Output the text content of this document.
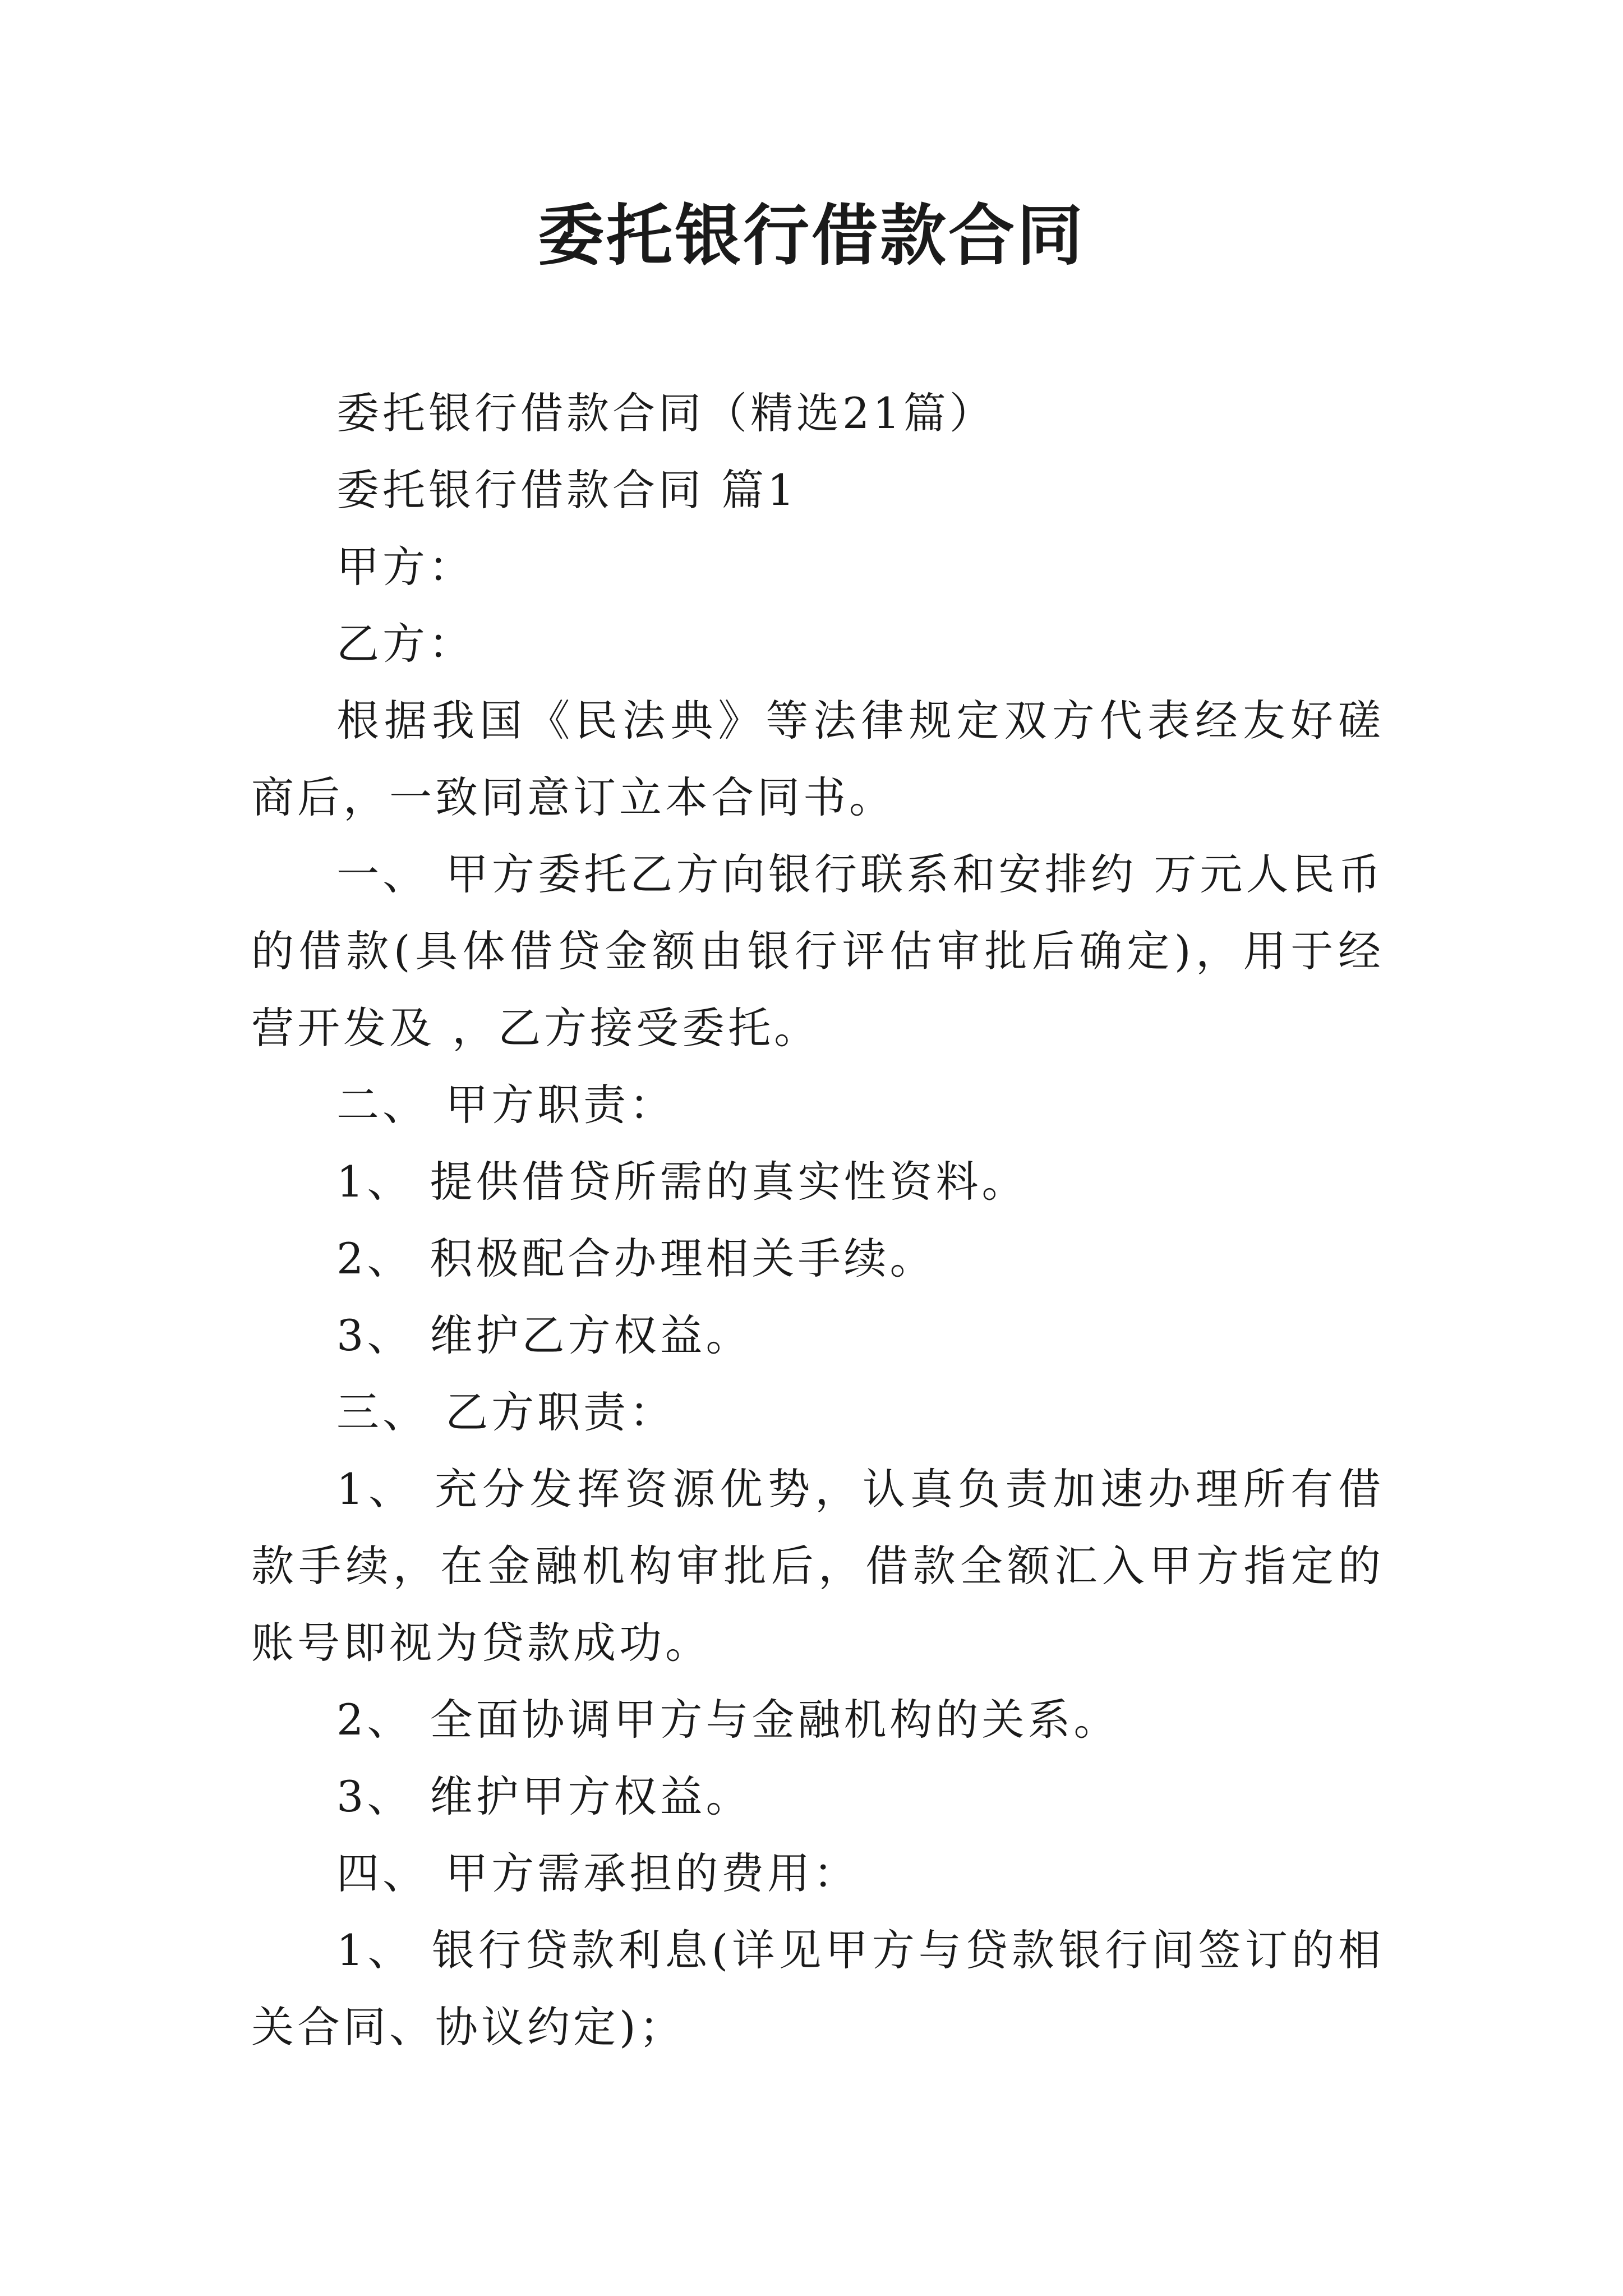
委托银行借款合同

委托银行借款合同（精选21篇）

委托银行借款合同 篇1

甲方：

乙方：

根据我国《民法典》等法律规定双方代表经友好磋商后，一致同意订立本合同书。

一、 甲方委托乙方向银行联系和安排约 万元人民币的借款(具体借贷金额由银行评估审批后确定)，用于经营开发及 ，乙方接受委托。

二、 甲方职责：

1、 提供借贷所需的真实性资料。

2、 积极配合办理相关手续。

3、 维护乙方权益。

三、 乙方职责：

1、 充分发挥资源优势，认真负责加速办理所有借款手续，在金融机构审批后，借款全额汇入甲方指定的账号即视为贷款成功。

2、 全面协调甲方与金融机构的关系。

3、 维护甲方权益。

四、 甲方需承担的费用：

1、 银行贷款利息(详见甲方与贷款银行间签订的相关合同、协议约定)；
